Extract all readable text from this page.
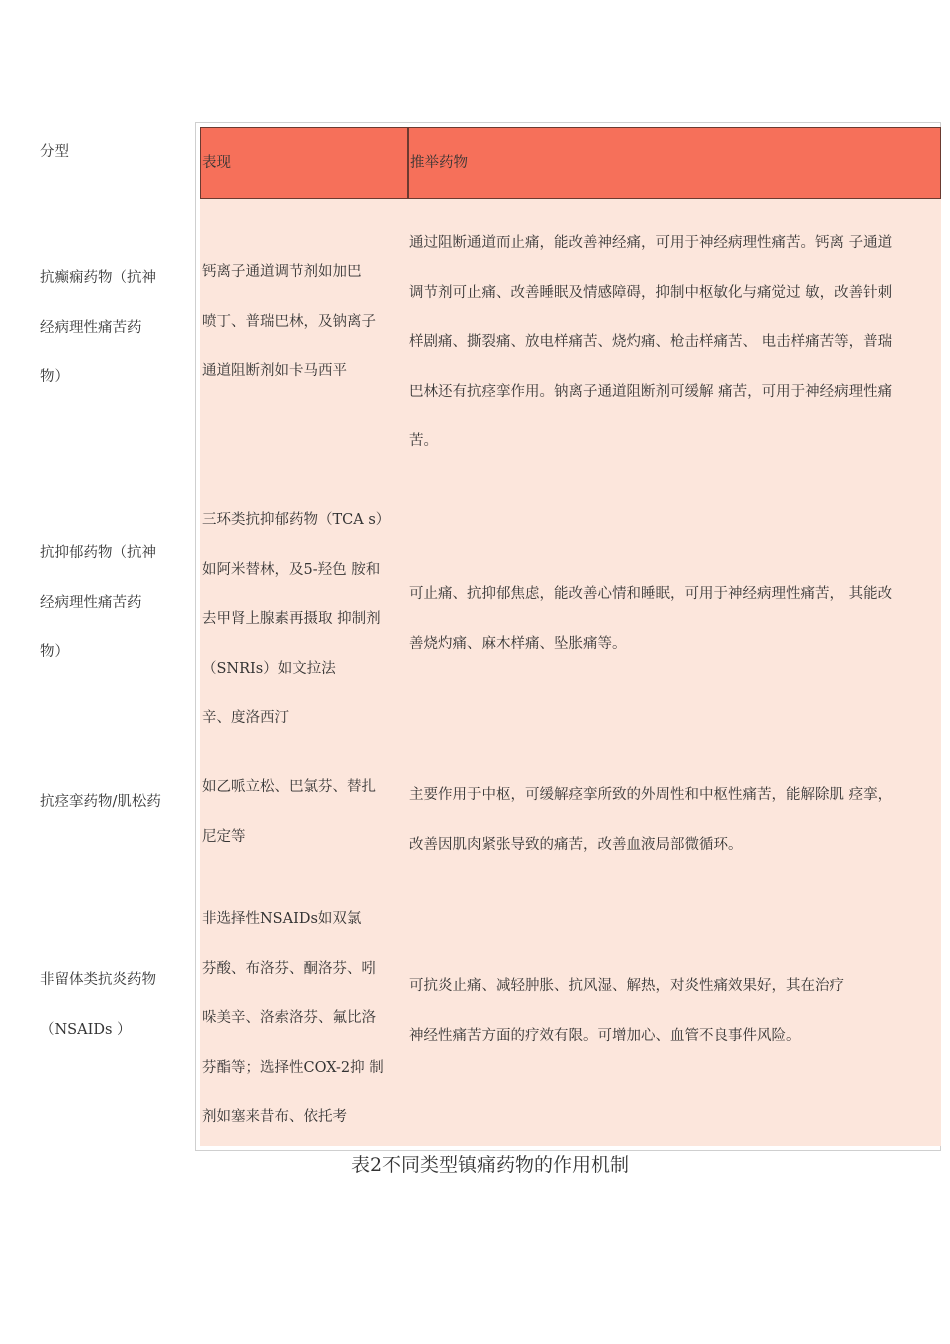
分型
表现	推举药物
抗癫痫药物（抗神
经病理性痛苦药
物）
钙离子通道调节剂如加巴
喷丁、普瑞巴林，及钠离子
通道阻断剂如卡马西平
通过阻断通道而止痛，能改善神经痛，可用于神经病理性痛苦。钙离 子通道
调节剂可止痛、改善睡眠及情感障碍，抑制中枢敏化与痛觉过 敏，改善针刺
样剧痛、撕裂痛、放电样痛苦、烧灼痛、枪击样痛苦、 电击样痛苦等，普瑞
巴林还有抗痉挛作用。钠离子通道阻断剂可缓解 痛苦，可用于神经病理性痛
苦。
抗抑郁药物（抗神
经病理性痛苦药
物）
三环类抗抑郁药物（TCA s）
如阿米替林，及5-羟色 胺和
去甲肾上腺素再摄取 抑制剂
（SNRIs）如文拉法
辛、度洛西汀
可止痛、抗抑郁焦虑，能改善心情和睡眠，可用于神经病理性痛苦， 其能改
善烧灼痛、麻木样痛、坠胀痛等。
抗痉挛药物/肌松药
如乙哌立松、巴氯芬、替扎
尼定等
主要作用于中枢，可缓解痉挛所致的外周性和中枢性痛苦，能解除肌 痉挛，
改善因肌肉紧张导致的痛苦，改善血液局部微循环。
非留体类抗炎药物
（NSAIDs ）
非选择性NSAIDs如双氯
芬酸、布洛芬、酮洛芬、吲
哚美辛、洛索洛芬、氟比洛
芬酯等；选择性COX-2抑 制
剂如塞来昔布、依托考
可抗炎止痛、减轻肿胀、抗风湿、解热，对炎性痛效果好，其在治疗
神经性痛苦方面的疗效有限。可增加心、血管不良事件风险。
表2不同类型镇痛药物的作用机制
